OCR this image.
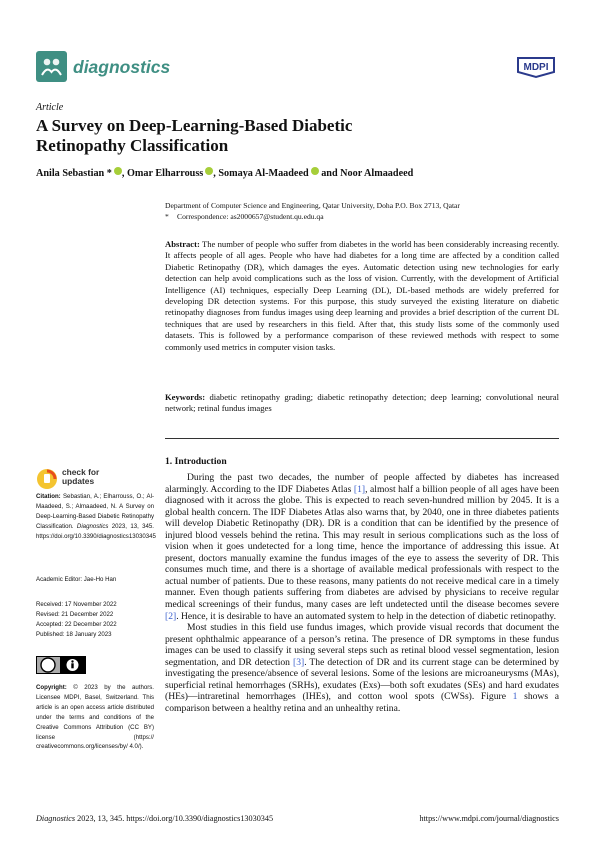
diagnostics	MDPI
Article
A Survey on Deep-Learning-Based Diabetic
Retinopathy Classification
Anila Sebastian * , Omar Elharrouss , Somaya Al-Maadeed and Noor Almaadeed
Department of Computer Science and Engineering, Qatar University, Doha P.O. Box 2713, Qatar
* Correspondence: as2000657@student.qu.edu.qa
Abstract: The number of people who suffer from diabetes in the world has been considerably increasing recently. It affects people of all ages. People who have had diabetes for a long time are affected by a condition called Diabetic Retinopathy (DR), which damages the eyes. Automatic detection using new technologies for early detection can help avoid complications such as the loss of vision. Currently, with the development of Artificial Intelligence (AI) techniques, especially Deep Learning (DL), DL-based methods are widely preferred for developing DR detection systems. For this purpose, this study surveyed the existing literature on diabetic retinopathy diagnoses from fundus images using deep learning and provides a brief description of the current DL techniques that are used by researchers in this field. After that, this study lists some of the commonly used datasets. This is followed by a performance comparison of these reviewed methods with respect to some commonly used metrics in computer vision tasks.
Keywords: diabetic retinopathy grading; diabetic retinopathy detection; deep learning; convolutional neural network; retinal fundus images
1. Introduction

During the past two decades, the number of people affected by diabetes has increased alarmingly. According to the IDF Diabetes Atlas [1], almost half a billion people of all ages have been diagnosed with it across the globe. This is expected to reach seven-hundred million by 2045. It is a global health concern. The IDF Diabetes Atlas also warns that, by 2040, one in three diabetes patients will develop Diabetic Retinopathy (DR). DR is a condition that can be identified by the presence of injured blood vessels behind the retina. This may result in serious complications such as the loss of vision when it goes undetected for a long time, hence the importance of addressing this issue. At present, doctors manually examine the fundus images of the eye to assess the severity of DR. This consumes much time, and there is a shortage of available medical professionals with respect to the actual number of patients. Due to these reasons, many patients do not receive medical care in a timely manner. Even though patients suffering from diabetes are advised by physicians to receive regular medical screenings of their fundus, many cases are left undetected until the disease becomes severe [2]. Hence, it is desirable to have an automated system to help in the detection of diabetic retinopathy.

Most studies in this field use fundus images, which provide visual records that document the present ophthalmic appearance of a person’s retina. The presence of DR symptoms in these fundus images can be used to classify it using several steps such as retinal blood vessel segmentation, lesion segmentation, and DR detection [3]. The detection of DR and its current stage can be determined by investigating the presence/absence of several lesions. Some of the lesions are microaneurysms (MAs), superficial retinal hemorrhages (SRHs), exudates (Exs)—both soft exudates (SEs) and hard exudates (HEs)—intraretinal hemorrhages (IHEs), and cotton wool spots (CWSs). Figure 1 shows a comparison between a healthy retina and an unhealthy retina.

check for
updates
Citation: Sebastian, A.; Elharrouss, O.; Al-Maadeed, S.; Almaadeed, N. A Survey on Deep-Learning-Based Diabetic Retinopathy Classification. Diagnostics 2023, 13, 345. https://doi.org/10.3390/diagnostics13030345
Academic Editor: Jae-Ho Han
Received: 17 November 2022
Revised: 21 December 2022
Accepted: 22 December 2022
Published: 18 January 2023
Copyright: © 2023 by the authors. Licensee MDPI, Basel, Switzerland. This article is an open access article distributed under the terms and conditions of the Creative Commons Attribution (CC BY) license (https:// creativecommons.org/licenses/by/ 4.0/).
Diagnostics 2023, 13, 345. https://doi.org/10.3390/diagnostics13030345	https://www.mdpi.com/journal/diagnostics
